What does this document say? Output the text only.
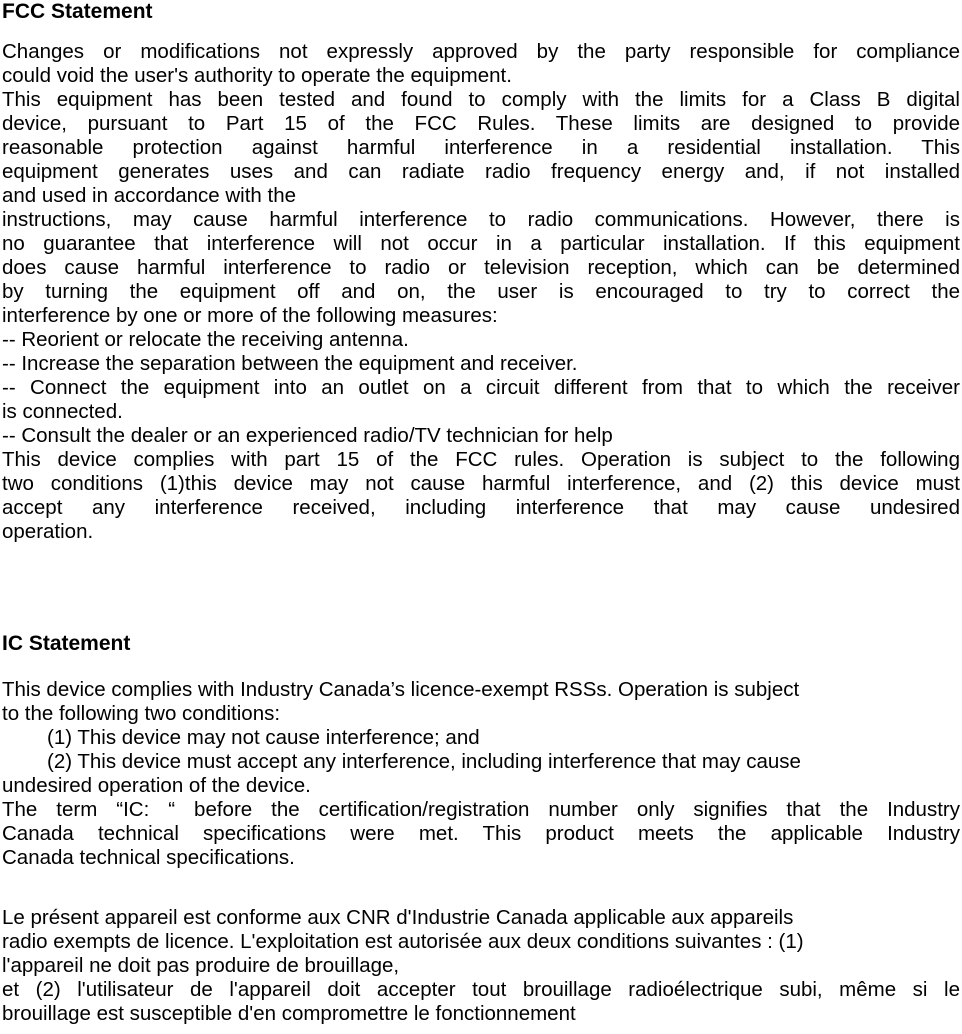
FCC Statement
Changes or modifications not expressly approved by the party responsible for compliance
could void the user's authority to operate the equipment.
This equipment has been tested and found to comply with the limits for a Class B digital
device, pursuant to Part 15 of the FCC Rules. These limits are designed to provide
reasonable protection against harmful interference in a residential installation. This
equipment generates uses and can radiate radio frequency energy and, if not installed
and used in accordance with the
instructions, may cause harmful interference to radio communications. However, there is
no guarantee that interference will not occur in a particular installation. If this equipment
does cause harmful interference to radio or television reception, which can be determined
by turning the equipment off and on, the user is encouraged to try to correct the
interference by one or more of the following measures:
-- Reorient or relocate the receiving antenna.
-- Increase the separation between the equipment and receiver.
-- Connect the equipment into an outlet on a circuit different from that to which the receiver
is connected.
-- Consult the dealer or an experienced radio/TV technician for help
This device complies with part 15 of the FCC rules. Operation is subject to the following
two conditions (1)this device may not cause harmful interference, and (2) this device must
accept any interference received, including interference that may cause undesired
operation.
IC Statement
This device complies with Industry Canada’s licence-exempt RSSs. Operation is subject
to the following two conditions:
(1) This device may not cause interference; and
(2) This device must accept any interference, including interference that may cause
undesired operation of the device.
The term “IC: “ before the certification/registration number only signifies that the Industry
Canada technical specifications were met. This product meets the applicable Industry
Canada technical specifications.
Le présent appareil est conforme aux CNR d'Industrie Canada applicable aux appareils
radio exempts de licence. L'exploitation est autorisée aux deux conditions suivantes : (1)
l'appareil ne doit pas produire de brouillage,
et (2) l'utilisateur de l'appareil doit accepter tout brouillage radioélectrique subi, même si le
brouillage est susceptible d'en compromettre le fonctionnement
